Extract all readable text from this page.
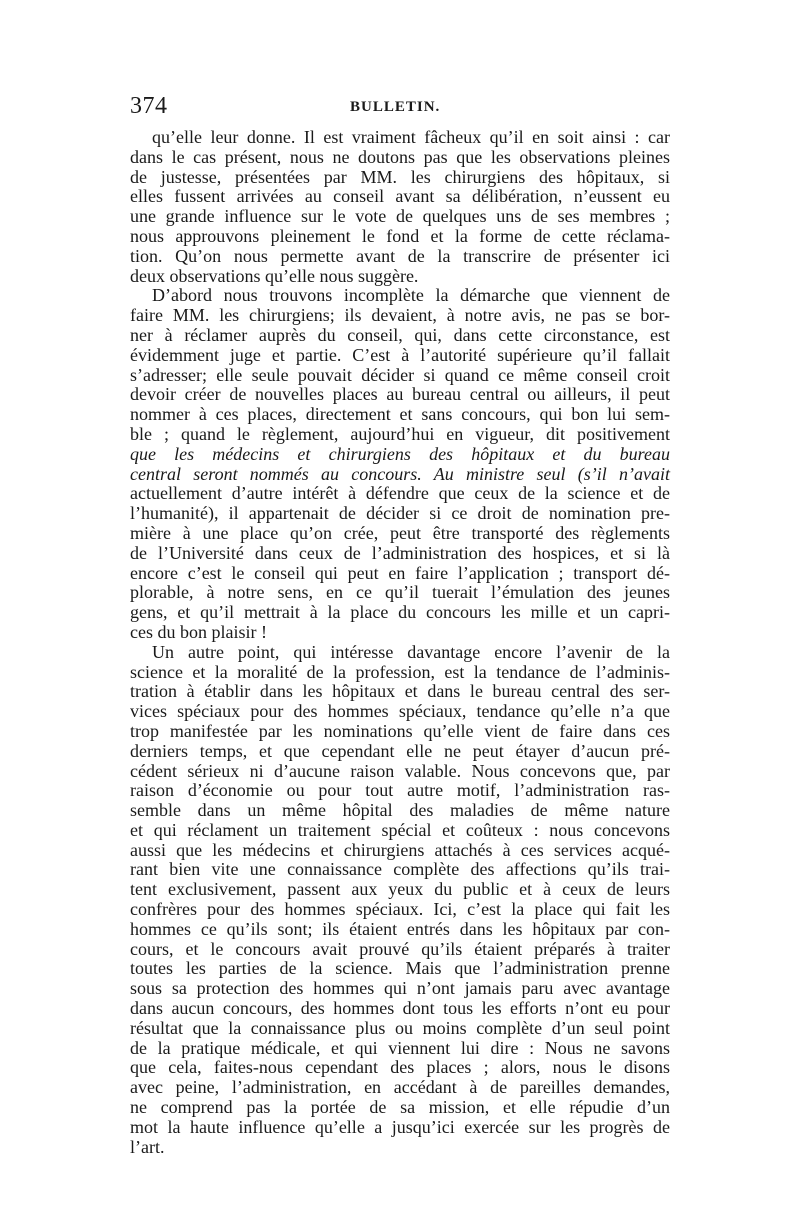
374	BULLETIN.
qu’elle leur donne. Il est vraiment fâcheux qu’il en soit ainsi : car
dans le cas présent, nous ne doutons pas que les observations pleines
de justesse, présentées par MM. les chirurgiens des hôpitaux, si
elles fussent arrivées au conseil avant sa délibération, n’eussent eu
une grande influence sur le vote de quelques uns de ses membres ;
nous approuvons pleinement le fond et la forme de cette réclama-
tion. Qu’on nous permette avant de la transcrire de présenter ici
deux observations qu’elle nous suggère.
D’abord nous trouvons incomplète la démarche que viennent de
faire MM. les chirurgiens; ils devaient, à notre avis, ne pas se bor-
ner à réclamer auprès du conseil, qui, dans cette circonstance, est
évidemment juge et partie. C’est à l’autorité supérieure qu’il fallait
s’adresser; elle seule pouvait décider si quand ce même conseil croit
devoir créer de nouvelles places au bureau central ou ailleurs, il peut
nommer à ces places, directement et sans concours, qui bon lui sem-
ble ; quand le règlement, aujourd’hui en vigueur, dit positivement
que les médecins et chirurgiens des hôpitaux et du bureau
central seront nommés au concours. Au ministre seul (s’il n’avait
actuellement d’autre intérêt à défendre que ceux de la science et de
l’humanité), il appartenait de décider si ce droit de nomination pre-
mière à une place qu’on crée, peut être transporté des règlements
de l’Université dans ceux de l’administration des hospices, et si là
encore c’est le conseil qui peut en faire l’application ; transport dé-
plorable, à notre sens, en ce qu’il tuerait l’émulation des jeunes
gens, et qu’il mettrait à la place du concours les mille et un capri-
ces du bon plaisir !
Un autre point, qui intéresse davantage encore l’avenir de la
science et la moralité de la profession, est la tendance de l’adminis-
tration à établir dans les hôpitaux et dans le bureau central des ser-
vices spéciaux pour des hommes spéciaux, tendance qu’elle n’a que
trop manifestée par les nominations qu’elle vient de faire dans ces
derniers temps, et que cependant elle ne peut étayer d’aucun pré-
cédent sérieux ni d’aucune raison valable. Nous concevons que, par
raison d’économie ou pour tout autre motif, l’administration ras-
semble dans un même hôpital des maladies de même nature
et qui réclament un traitement spécial et coûteux : nous concevons
aussi que les médecins et chirurgiens attachés à ces services acqué-
rant bien vite une connaissance complète des affections qu’ils trai-
tent exclusivement, passent aux yeux du public et à ceux de leurs
confrères pour des hommes spéciaux. Ici, c’est la place qui fait les
hommes ce qu’ils sont; ils étaient entrés dans les hôpitaux par con-
cours, et le concours avait prouvé qu’ils étaient préparés à traiter
toutes les parties de la science. Mais que l’administration prenne
sous sa protection des hommes qui n’ont jamais paru avec avantage
dans aucun concours, des hommes dont tous les efforts n’ont eu pour
résultat que la connaissance plus ou moins complète d’un seul point
de la pratique médicale, et qui viennent lui dire : Nous ne savons
que cela, faites-nous cependant des places ; alors, nous le disons
avec peine, l’administration, en accédant à de pareilles demandes,
ne comprend pas la portée de sa mission, et elle répudie d’un
mot la haute influence qu’elle a jusqu’ici exercée sur les progrès de
l’art.
